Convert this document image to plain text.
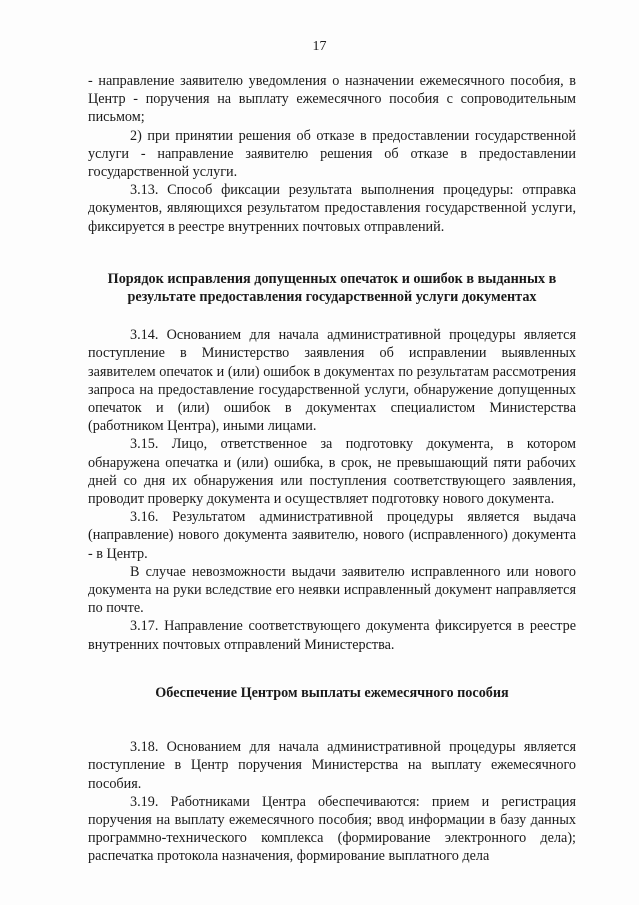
17

- направление заявителю уведомления о назначении ежемесячного пособия, в Центр - поручения на выплату ежемесячного пособия с сопроводительным письмом;

2) при принятии решения об отказе в предоставлении государственной услуги - направление заявителю решения об отказе в предоставлении государственной услуги.

3.13. Способ фиксации результата выполнения процедуры: отправка документов, являющихся результатом предоставления государственной услуги, фиксируется в реестре внутренних почтовых отправлений.

Порядок исправления допущенных опечаток и ошибок в выданных в результате предоставления государственной услуги документах

3.14. Основанием для начала административной процедуры является поступление в Министерство заявления об исправлении выявленных заявителем опечаток и (или) ошибок в документах по результатам рассмотрения запроса на предоставление государственной услуги, обнаружение допущенных опечаток и (или) ошибок в документах специалистом Министерства (работником Центра), иными лицами.

3.15. Лицо, ответственное за подготовку документа, в котором обнаружена опечатка и (или) ошибка, в срок, не превышающий пяти рабочих дней со дня их обнаружения или поступления соответствующего заявления, проводит проверку документа и осуществляет подготовку нового документа.

3.16. Результатом административной процедуры является выдача (направление) нового документа заявителю, нового (исправленного) документа - в Центр.

В случае невозможности выдачи заявителю исправленного или нового документа на руки вследствие его неявки исправленный документ направляется по почте.

3.17. Направление соответствующего документа фиксируется в реестре внутренних почтовых отправлений Министерства.

Обеспечение Центром выплаты ежемесячного пособия

3.18. Основанием для начала административной процедуры является поступление в Центр поручения Министерства на выплату ежемесячного пособия.

3.19. Работниками Центра обеспечиваются: прием и регистрация поручения на выплату ежемесячного пособия; ввод информации в базу данных программно-технического комплекса (формирование электронного дела); распечатка протокола назначения, формирование выплатного дела
